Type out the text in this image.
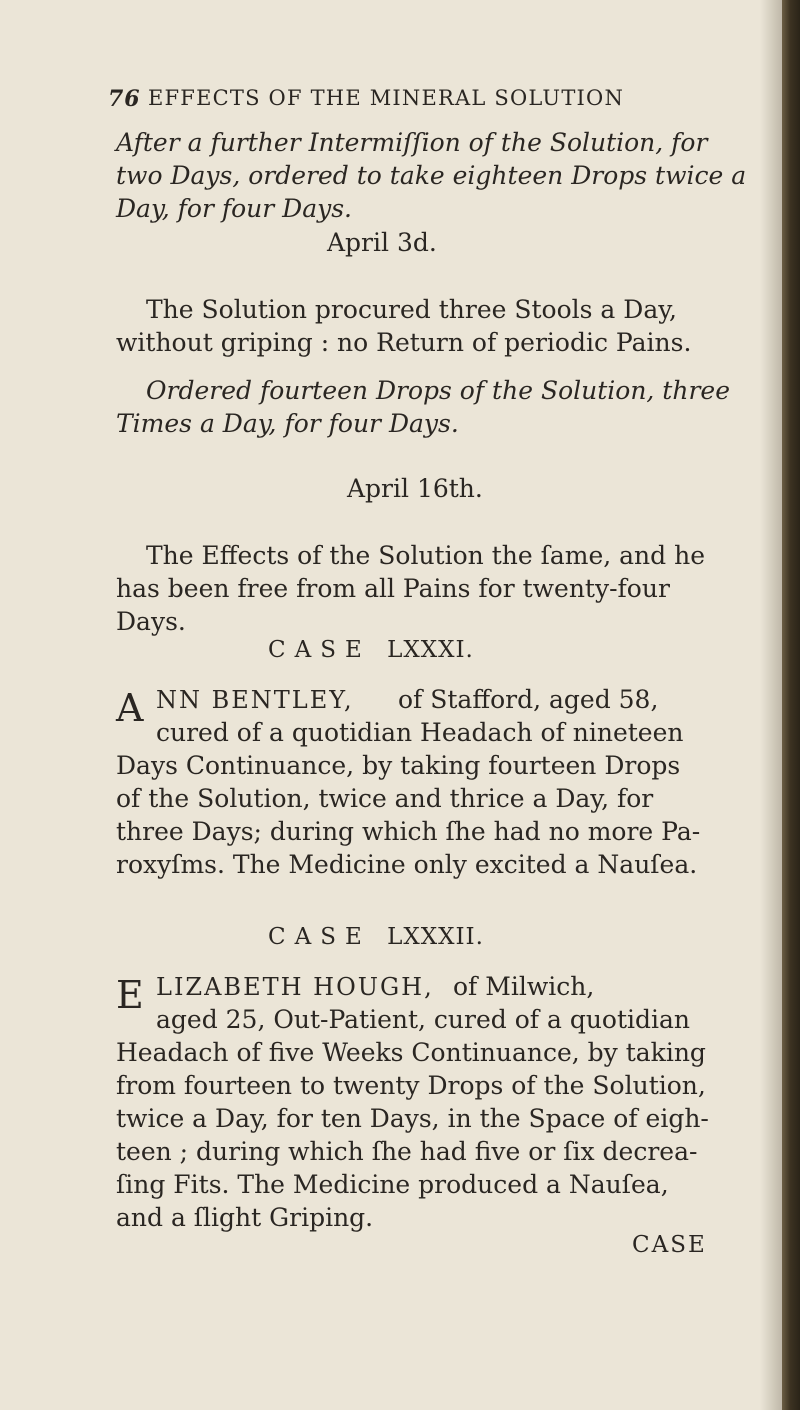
76 EFFECTS OF THE MINERAL SOLUTION
After a further Intermiſſion of the Solution, for
two Days, ordered to take eighteen Drops twice a
Day, for four Days.
April 3d.
The Solution procured three Stools a Day,
without griping : no Return of periodic Pains.
Ordered fourteen Drops of the Solution, three
Times a Day, for four Days.
April 16th.
The Effects of the Solution the ſame, and he
has been free from all Pains for twenty-four
Days.
CASE LXXXI.
A NN BENTLEY, of Stafford, aged 58,
cured of a quotidian Headach of nineteen
Days Continuance, by taking fourteen Drops
of the Solution, twice and thrice a Day, for
three Days; during which ſhe had no more Pa-
roxyſms. The Medicine only excited a Nauſea.
CASE LXXXII.
E LIZABETH HOUGH, of Milwich,
aged 25, Out-Patient, cured of a quotidian
Headach of five Weeks Continuance, by taking
from fourteen to twenty Drops of the Solution,
twice a Day, for ten Days, in the Space of eigh-
teen ; during which ſhe had five or ſix decrea-
ſing Fits. The Medicine produced a Nauſea,
and a ſlight Griping.
CASE
